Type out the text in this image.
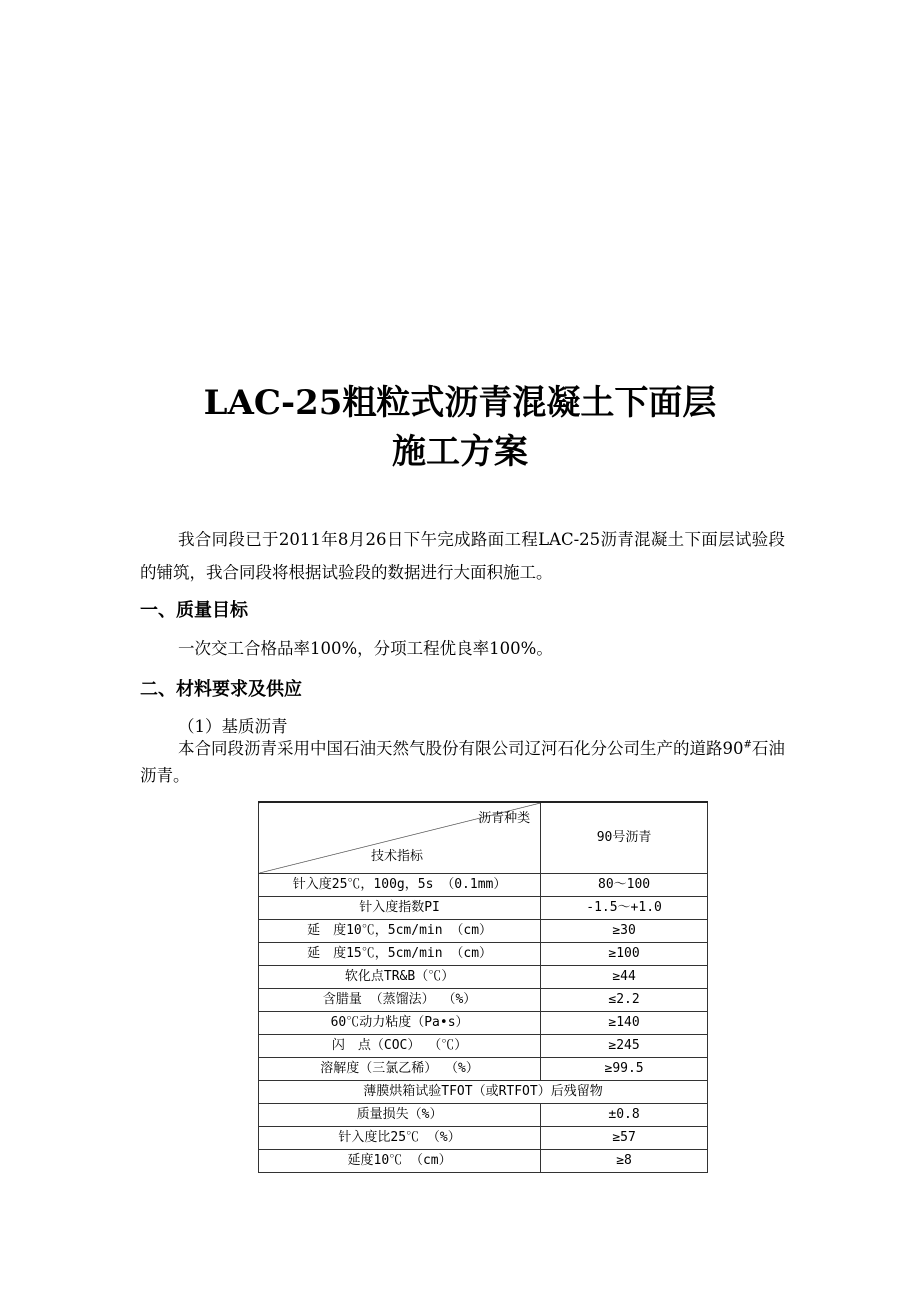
LAC-25粗粒式沥青混凝土下面层
施工方案
我合同段已于2011年8月26日下午完成路面工程LAC-25沥青混凝土下面层试验段的铺筑，我合同段将根据试验段的数据进行大面积施工。
一、质量目标
一次交工合格品率100%，分项工程优良率100%。
二、材料要求及供应
（1）基质沥青
本合同段沥青采用中国石油天然气股份有限公司辽河石化分公司生产的道路90#石油沥青。
沥青种类
技术指标	90号沥青
针入度25℃，100g，5s （0.1mm）	80～100
针入度指数PI	-1.5～+1.0
延　度10℃，5cm/min （cm）	≥30
延　度15℃，5cm/min （cm）	≥100
软化点TR&B（℃）	≥44
含腊量 （蒸馏法） （%）	≤2.2
60℃动力粘度（Pa•s）	≥140
闪　点（COC） （℃）	≥245
溶解度（三氯乙稀） （%）	≥99.5
薄膜烘箱试验TFOT（或RTFOT）后残留物	
质量损失（%）	±0.8
针入度比25℃ （%）	≥57
延度10℃ （cm）	≥8
